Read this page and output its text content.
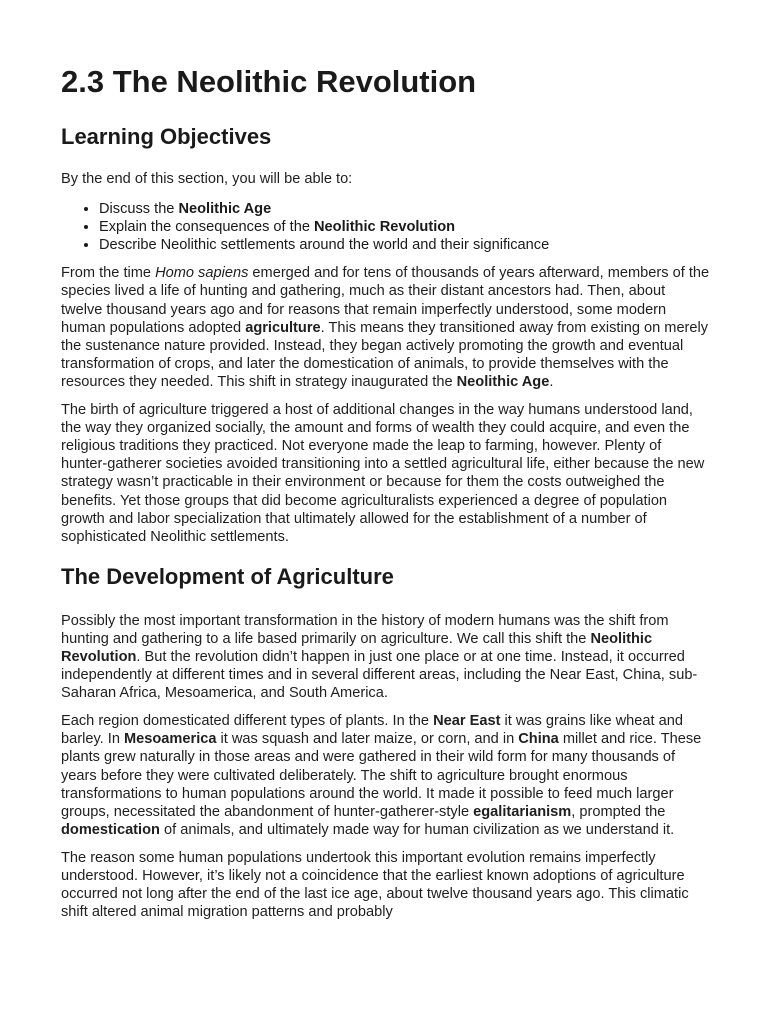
2.3 The Neolithic Revolution
Learning Objectives

By the end of this section, you will be able to:

• Discuss the Neolithic Age
• Explain the consequences of the Neolithic Revolution
• Describe Neolithic settlements around the world and their significance

From the time Homo sapiens emerged and for tens of thousands of years afterward, members of the species lived a life of hunting and gathering, much as their distant ancestors had. Then, about twelve thousand years ago and for reasons that remain imperfectly understood, some modern human populations adopted agriculture. This means they transitioned away from existing on merely the sustenance nature provided. Instead, they began actively promoting the growth and eventual transformation of crops, and later the domestication of animals, to provide themselves with the resources they needed. This shift in strategy inaugurated the Neolithic Age.

The birth of agriculture triggered a host of additional changes in the way humans understood land, the way they organized socially, the amount and forms of wealth they could acquire, and even the religious traditions they practiced. Not everyone made the leap to farming, however. Plenty of hunter-gatherer societies avoided transitioning into a settled agricultural life, either because the new strategy wasn’t practicable in their environment or because for them the costs outweighed the benefits. Yet those groups that did become agriculturalists experienced a degree of population growth and labor specialization that ultimately allowed for the establishment of a number of sophisticated Neolithic settlements.

The Development of Agriculture

Possibly the most important transformation in the history of modern humans was the shift from hunting and gathering to a life based primarily on agriculture. We call this shift the Neolithic Revolution. But the revolution didn’t happen in just one place or at one time. Instead, it occurred independently at different times and in several different areas, including the Near East, China, sub-Saharan Africa, Mesoamerica, and South America.

Each region domesticated different types of plants. In the Near East it was grains like wheat and barley. In Mesoamerica it was squash and later maize, or corn, and in China millet and rice. These plants grew naturally in those areas and were gathered in their wild form for many thousands of years before they were cultivated deliberately. The shift to agriculture brought enormous transformations to human populations around the world. It made it possible to feed much larger groups, necessitated the abandonment of hunter-gatherer-style egalitarianism, prompted the domestication of animals, and ultimately made way for human civilization as we understand it.

The reason some human populations undertook this important evolution remains imperfectly understood. However, it’s likely not a coincidence that the earliest known adoptions of agriculture occurred not long after the end of the last ice age, about twelve thousand years ago. This climatic shift altered animal migration patterns and probably
